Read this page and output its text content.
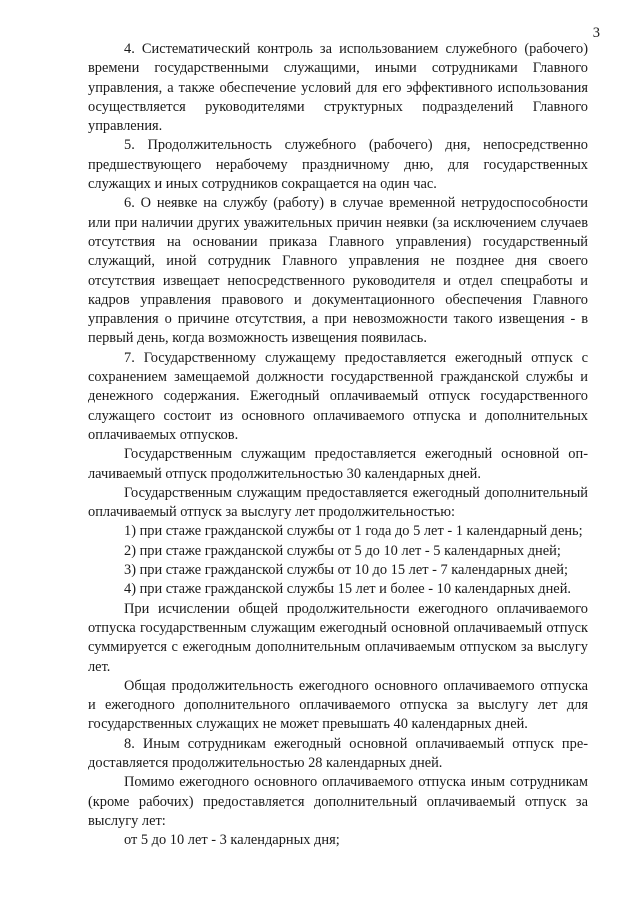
3

4. Систематический контроль за использованием служебного (рабочего) времени государственными служащими, иными сотрудниками Главного управления, а также обеспечение условий для его эффективного использования осуществляется руководителями структурных подразделений Главного управления.

5. Продолжительность служебного (рабочего) дня, непосредственно предшествующего нерабочему праздничному дню, для государственных служащих и иных сотрудников сокращается на один час.

6. О неявке на службу (работу) в случае временной нетрудоспособности или при наличии других уважительных причин неявки (за исключением случаев отсутствия на основании приказа Главного управления) государственный служащий, иной сотрудник Главного управления не позднее дня своего отсутствия извещает непосредственного руководителя и отдел спецработы и кадров управления правового и документационного обеспечения Главного управления о причине отсутствия, а при невозможности такого извещения - в первый день, когда возможность извещения появилась.

7. Государственному служащему предоставляется ежегодный отпуск с сохранением замещаемой должности государственной гражданской службы и денежного содержания. Ежегодный оплачиваемый отпуск государственного служащего состоит из основного оплачиваемого отпуска и дополнительных оплачиваемых отпусков.

Государственным служащим предоставляется ежегодный основной оплачиваемый отпуск продолжительностью 30 календарных дней.

Государственным служащим предоставляется ежегодный дополнительный оплачиваемый отпуск за выслугу лет продолжительностью:

1) при стаже гражданской службы от 1 года до 5 лет - 1 календарный день;

2) при стаже гражданской службы от 5 до 10 лет - 5 календарных дней;

3) при стаже гражданской службы от 10 до 15 лет - 7 календарных дней;

4) при стаже гражданской службы 15 лет и более - 10 календарных дней.

При исчислении общей продолжительности ежегодного оплачиваемого отпуска государственным служащим ежегодный основной оплачиваемый отпуск суммируется с ежегодным дополнительным оплачиваемым отпуском за выслугу лет.

Общая продолжительность ежегодного основного оплачиваемого отпуска и ежегодного дополнительного оплачиваемого отпуска за выслугу лет для государственных служащих не может превышать 40 календарных дней.

8. Иным сотрудникам ежегодный основной оплачиваемый отпуск предоставляется продолжительностью 28 календарных дней.

Помимо ежегодного основного оплачиваемого отпуска иным сотрудникам (кроме рабочих) предоставляется дополнительный оплачиваемый отпуск за выслугу лет:

от 5 до 10 лет - 3 календарных дня;
